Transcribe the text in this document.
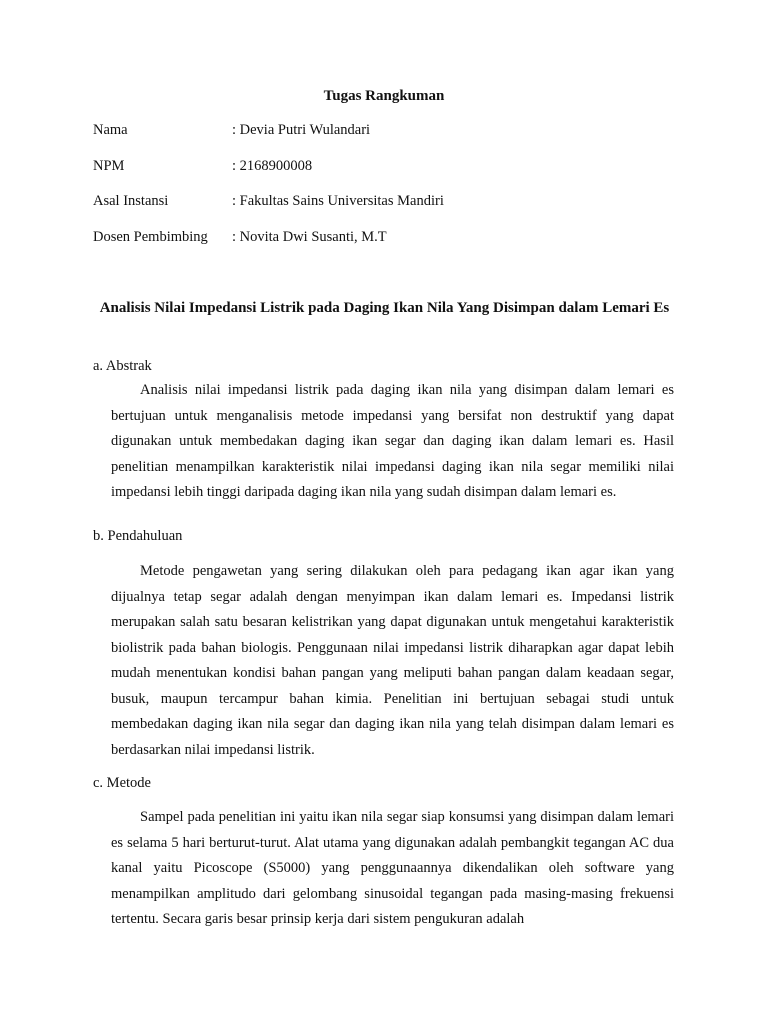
Tugas Rangkuman
Nama	: Devia Putri Wulandari
NPM	: 2168900008
Asal Instansi	: Fakultas Sains Universitas Mandiri
Dosen Pembimbing	: Novita Dwi Susanti, M.T
Analisis Nilai Impedansi Listrik pada Daging Ikan Nila Yang Disimpan dalam Lemari Es
a. Abstrak
Analisis nilai impedansi listrik pada daging ikan nila yang disimpan dalam lemari es bertujuan untuk menganalisis metode impedansi yang bersifat non destruktif yang dapat digunakan untuk membedakan daging ikan segar dan daging ikan dalam lemari es. Hasil penelitian menampilkan karakteristik nilai impedansi daging ikan nila segar memiliki nilai impedansi lebih tinggi daripada daging ikan nila yang sudah disimpan dalam lemari es.
b. Pendahuluan
Metode pengawetan yang sering dilakukan oleh para pedagang ikan agar ikan yang dijualnya tetap segar adalah dengan menyimpan ikan dalam lemari es. Impedansi listrik merupakan salah satu besaran kelistrikan yang dapat digunakan untuk mengetahui karakteristik biolistrik pada bahan biologis. Penggunaan nilai impedansi listrik diharapkan agar dapat lebih mudah menentukan kondisi bahan pangan yang meliputi bahan pangan dalam keadaan segar, busuk, maupun tercampur bahan kimia. Penelitian ini bertujuan sebagai studi untuk membedakan daging ikan nila segar dan daging ikan nila yang telah disimpan dalam lemari es berdasarkan nilai impedansi listrik.
c. Metode
Sampel pada penelitian ini yaitu ikan nila segar siap konsumsi yang disimpan dalam lemari es selama 5 hari berturut-turut. Alat utama yang digunakan adalah pembangkit tegangan AC dua kanal yaitu Picoscope (S5000) yang penggunaannya dikendalikan oleh software yang menampilkan amplitudo dari gelombang sinusoidal tegangan pada masing-masing frekuensi tertentu. Secara garis besar prinsip kerja dari sistem pengukuran adalah
